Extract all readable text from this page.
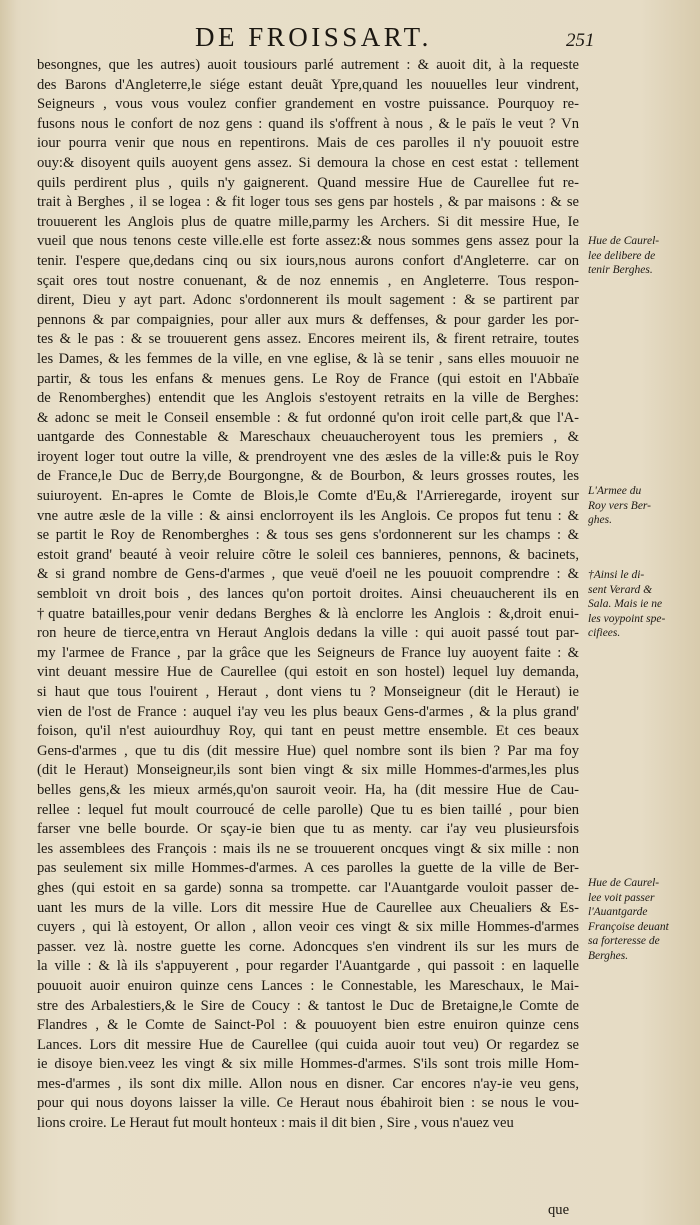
DE FROISSART.	251
besongnes, que les autres) auoit tousiours parlé autrement : & auoit dit, à la requeste
des Barons d'Angleterre,le siége estant deuãt Ypre,quand les nouuelles leur vindrent,
Seigneurs , vous vous voulez confier grandement en vostre puissance. Pourquoy re-
fusons nous le confort de noz gens : quand ils s'offrent à nous , & le païs le veut ? Vn
iour pourra venir que nous en repentirons. Mais de ces parolles il n'y pouuoit estre
ouy:& disoyent quils auoyent gens assez. Si demoura la chose en cest estat : tellement
quils perdirent plus , quils n'y gaignerent. Quand messire Hue de Caurellee fut re-
trait à Berghes , il se logea : & fit loger tous ses gens par hostels , & par maisons : & se
trouuerent les Anglois plus de quatre mille,parmy les Archers. Si dit messire Hue, Ie
vueil que nous tenons ceste ville.elle est forte assez:& nous sommes gens assez pour la
tenir. I'espere que,dedans cinq ou six iours,nous aurons confort d'Angleterre. car on
sçait ores tout nostre conuenant, & de noz ennemis , en Angleterre. Tous respon-
dirent, Dieu y ayt part. Adonc s'ordonnerent ils moult sagement : & se partirent par
pennons & par compaignies, pour aller aux murs & deffenses, & pour garder les por-
tes & le pas : & se trouuerent gens assez. Encores meirent ils, & firent retraire, toutes
les Dames, & les femmes de la ville, en vne eglise, & là se tenir , sans elles mouuoir ne
partir, & tous les enfans & menues gens. Le Roy de France (qui estoit en l'Abbaïe
de Renomberghes) entendit que les Anglois s'estoyent retraits en la ville de Berghes:
& adonc se meit le Conseil ensemble : & fut ordonné qu'on iroit celle part,& que l'A-
uantgarde des Connestable & Mareschaux cheuaucheroyent tous les premiers , &
iroyent loger tout outre la ville, & prendroyent vne des æsles de la ville:& puis le Roy
de France,le Duc de Berry,de Bourgongne, & de Bourbon, & leurs grosses routes, les
suiuroyent. En-apres le Comte de Blois,le Comte d'Eu,& l'Arrieregarde, iroyent sur
vne autre æsle de la ville : & ainsi enclorroyent ils les Anglois. Ce propos fut tenu : &
se partit le Roy de Renomberghes : & tous ses gens s'ordonnerent sur les champs : &
estoit grand' beauté à veoir reluire cõtre le soleil ces bannieres, pennons, & bacinets,
& si grand nombre de Gens-d'armes , que veuë d'oeil ne les pouuoit comprendre : &
sembloit vn droit bois , des lances qu'on portoit droites. Ainsi cheuaucherent ils en
†quatre batailles,pour venir dedans Berghes & là enclorre les Anglois : &,droit enui-
ron heure de tierce,entra vn Heraut Anglois dedans la ville : qui auoit passé tout par-
my l'armee de France , par la grâce que les Seigneurs de France luy auoyent faite : &
vint deuant messire Hue de Caurellee (qui estoit en son hostel) lequel luy demanda,
si haut que tous l'ouirent , Heraut , dont viens tu ? Monseigneur (dit le Heraut) ie
vien de l'ost de France : auquel i'ay veu les plus beaux Gens-d'armes , & la plus grand'
foison, qu'il n'est auiourdhuy Roy, qui tant en peust mettre ensemble. Et ces beaux
Gens-d'armes , que tu dis (dit messire Hue) quel nombre sont ils bien ? Par ma foy
(dit le Heraut) Monseigneur,ils sont bien vingt & six mille Hommes-d'armes,les plus
belles gens,& les mieux armés,qu'on sauroit veoir. Ha, ha (dit messire Hue de Cau-
rellee : lequel fut moult courroucé de celle parolle) Que tu es bien taillé , pour bien
farser vne belle bourde. Or sçay-ie bien que tu as menty. car i'ay veu plusieursfois
les assemblees des François : mais ils ne se trouuerent oncques vingt & six mille : non
pas seulement six mille Hommes-d'armes. A ces parolles la guette de la ville de Ber-
ghes (qui estoit en sa garde) sonna sa trompette. car l'Auantgarde vouloit passer de-
uant les murs de la ville. Lors dit messire Hue de Caurellee aux Cheualiers & Es-
cuyers , qui là estoyent, Or allon , allon veoir ces vingt & six mille Hommes-d'armes
passer. vez là. nostre guette les corne. Adoncques s'en vindrent ils sur les murs de
la ville : & là ils s'appuyerent , pour regarder l'Auantgarde , qui passoit : en laquelle
pouuoit auoir enuiron quinze cens Lances : le Connestable, les Mareschaux, le Mai-
stre des Arbalestiers,& le Sire de Coucy : & tantost le Duc de Bretaigne,le Comte de
Flandres , & le Comte de Sainct-Pol : & pouuoyent bien estre enuiron quinze cens
Lances. Lors dit messire Hue de Caurellee (qui cuida auoir tout veu) Or regardez se
ie disoye bien.veez les vingt & six mille Hommes-d'armes. S'ils sont trois mille Hom-
mes-d'armes , ils sont dix mille. Allon nous en disner. Car encores n'ay-ie veu gens,
pour qui nous doyons laisser la ville. Ce Heraut nous ébahiroit bien : se nous le vou-
lions croire. Le Heraut fut moult honteux : mais il dit bien , Sire , vous n'auez veu
que
Hue de Caurel-
lee delibere de
tenir Berghes.
L'Armee du
Roy vers Ber-
ghes.
†Ainsi le di-
sent Verard &
Sala. Mais ie ne
les voypoint spe-
cifiees.
Hue de Caurel-
lee voit passer
l'Auantgarde
Françoise deuant
sa forteresse de
Berghes.
